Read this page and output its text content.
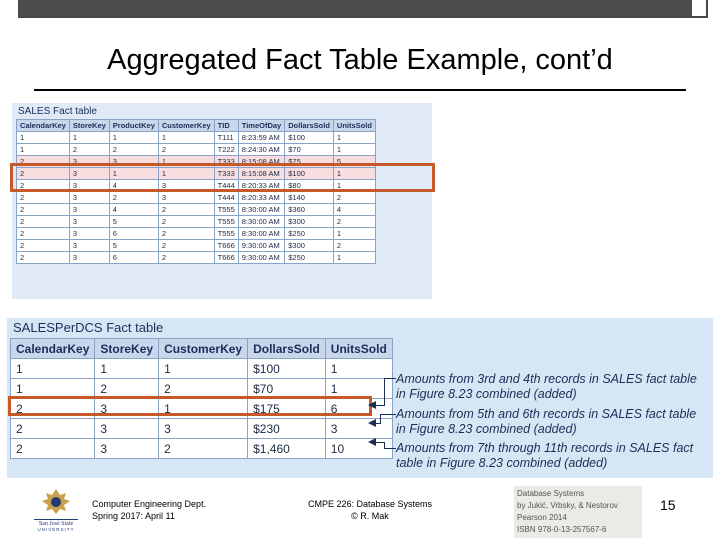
Aggregated Fact Table Example, cont’d
SALES Fact table
CalendarKey	StoreKey	ProductKey	CustomerKey	TID	TimeOfDay	DollarsSold	UnitsSold
1	1	1	1	T111	8:23:59 AM	$100	1
1	2	2	2	T222	8:24:30 AM	$70	1
2	3	3	1	T333	8:15:08 AM	$75	5
2	3	1	1	T333	8:15:08 AM	$100	1
2	3	4	3	T444	8:20:33 AM	$80	1
2	3	2	3	T444	8:20:33 AM	$140	2
2	3	4	2	T555	8:30:00 AM	$360	4
2	3	5	2	T555	8:30:00 AM	$300	2
2	3	6	2	T555	8:30:00 AM	$250	1
2	3	5	2	T666	9:30:00 AM	$300	2
2	3	6	2	T666	9:30:00 AM	$250	1
SALESPerDCS Fact table
CalendarKey	StoreKey	CustomerKey	DollarsSold	UnitsSold
1	1	1	$100	1
1	2	2	$70	1
2	3	1	$175	6
2	3	3	$230	3
2	3	2	$1,460	10
Amounts from 3rd and 4th records in SALES fact table in Figure 8.23 combined (added)
Amounts from 5th and 6th records in SALES fact table in Figure 8.23 combined (added)
Amounts from 7th through 11th records in SALES fact table in Figure 8.23 combined (added)
San José State
UNIVERSITY
Computer Engineering Dept.
Spring 2017: April 11
CMPE 226: Database Systems
© R. Mak
Database Systems
by Jukić, Vrbsky, & Nestorov
Pearson 2014
ISBN 978-0-13-257567-6
15
